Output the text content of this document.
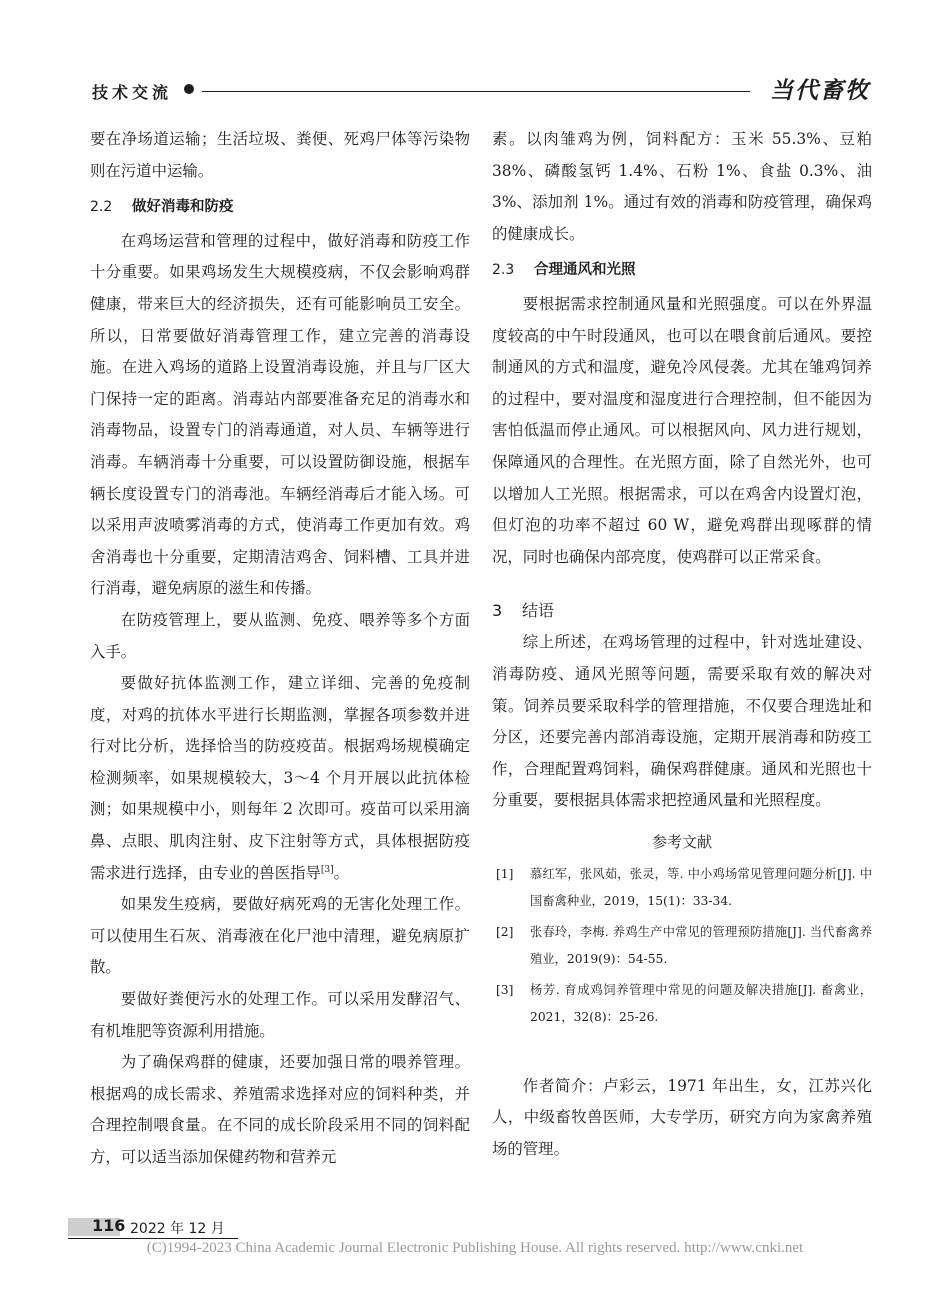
技术交流	当代畜牧

要在净场道运输；生活垃圾、粪便、死鸡尸体等污染物则在污道中运输。

2.2 做好消毒和防疫

在鸡场运营和管理的过程中，做好消毒和防疫工作十分重要。如果鸡场发生大规模疫病，不仅会影响鸡群健康，带来巨大的经济损失，还有可能影响员工安全。所以，日常要做好消毒管理工作，建立完善的消毒设施。在进入鸡场的道路上设置消毒设施，并且与厂区大门保持一定的距离。消毒站内部要准备充足的消毒水和消毒物品，设置专门的消毒通道，对人员、车辆等进行消毒。车辆消毒十分重要，可以设置防御设施，根据车辆长度设置专门的消毒池。车辆经消毒后才能入场。可以采用声波喷雾消毒的方式，使消毒工作更加有效。鸡舍消毒也十分重要，定期清洁鸡舍、饲料槽、工具并进行消毒，避免病原的滋生和传播。

在防疫管理上，要从监测、免疫、喂养等多个方面入手。

要做好抗体监测工作，建立详细、完善的免疫制度，对鸡的抗体水平进行长期监测，掌握各项参数并进行对比分析，选择恰当的防疫疫苗。根据鸡场规模确定检测频率，如果规模较大，3～4 个月开展以此抗体检测；如果规模中小，则每年 2 次即可。疫苗可以采用滴鼻、点眼、肌肉注射、皮下注射等方式，具体根据防疫需求进行选择，由专业的兽医指导[3]。

如果发生疫病，要做好病死鸡的无害化处理工作。可以使用生石灰、消毒液在化尸池中清理，避免病原扩散。

要做好粪便污水的处理工作。可以采用发酵沼气、有机堆肥等资源利用措施。

为了确保鸡群的健康，还要加强日常的喂养管理。根据鸡的成长需求、养殖需求选择对应的饲料种类，并合理控制喂食量。在不同的成长阶段采用不同的饲料配方，可以适当添加保健药物和营养元

素。以肉雏鸡为例，饲料配方：玉米 55.3%、豆粕 38%、磷酸氢钙 1.4%、石粉 1%、食盐 0.3%、油 3%、添加剂 1%。通过有效的消毒和防疫管理，确保鸡的健康成长。

2.3 合理通风和光照

要根据需求控制通风量和光照强度。可以在外界温度较高的中午时段通风，也可以在喂食前后通风。要控制通风的方式和温度，避免冷风侵袭。尤其在雏鸡饲养的过程中，要对温度和湿度进行合理控制，但不能因为害怕低温而停止通风。可以根据风向、风力进行规划，保障通风的合理性。在光照方面，除了自然光外，也可以增加人工光照。根据需求，可以在鸡舍内设置灯泡，但灯泡的功率不超过 60 W，避免鸡群出现啄群的情况，同时也确保内部亮度，使鸡群可以正常采食。

3 结语

综上所述，在鸡场管理的过程中，针对选址建设、消毒防疫、通风光照等问题，需要采取有效的解决对策。饲养员要采取科学的管理措施，不仅要合理选址和分区，还要完善内部消毒设施，定期开展消毒和防疫工作，合理配置鸡饲料，确保鸡群健康。通风和光照也十分重要，要根据具体需求把控通风量和光照程度。

参考文献
[1] 慕红军，张风茹，张灵，等. 中小鸡场常见管理问题分析[J]. 中国畜禽种业，2019，15(1)：33-34.
[2] 张春玲，李梅. 养鸡生产中常见的管理预防措施[J]. 当代畜禽养殖业，2019(9)：54-55.
[3] 杨芳. 育成鸡饲养管理中常见的问题及解决措施[J]. 畜禽业，2021，32(8)：25-26.

作者简介：卢彩云，1971 年出生，女，江苏兴化人，中级畜牧兽医师，大专学历，研究方向为家禽养殖场的管理。

116 2022 年 12 月
(C)1994-2023 China Academic Journal Electronic Publishing House. All rights reserved. http://www.cnki.net
